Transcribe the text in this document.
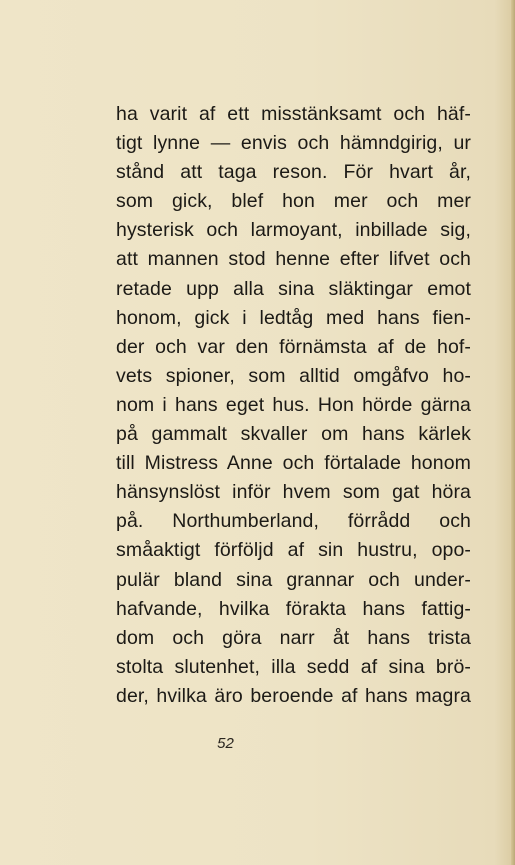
ha varit af ett misstänksamt och häf-
tigt lynne — envis och hämndgirig, ur
stånd att taga reson. För hvart år,
som gick, blef hon mer och mer
hysterisk och larmoyant, inbillade sig,
att mannen stod henne efter lifvet och
retade upp alla sina släktingar emot
honom, gick i ledtåg med hans fien-
der och var den förnämsta af de hof-
vets spioner, som alltid omgåfvo ho-
nom i hans eget hus. Hon hörde gärna
på gammalt skvaller om hans kärlek
till Mistress Anne och förtalade honom
hänsynslöst inför hvem som gat höra
på. Northumberland, förrådd och
småaktigt förföljd af sin hustru, opo-
pulär bland sina grannar och under-
hafvande, hvilka förakta hans fattig-
dom och göra narr åt hans trista
stolta slutenhet, illa sedd af sina brö-
der, hvilka äro beroende af hans magra
52
